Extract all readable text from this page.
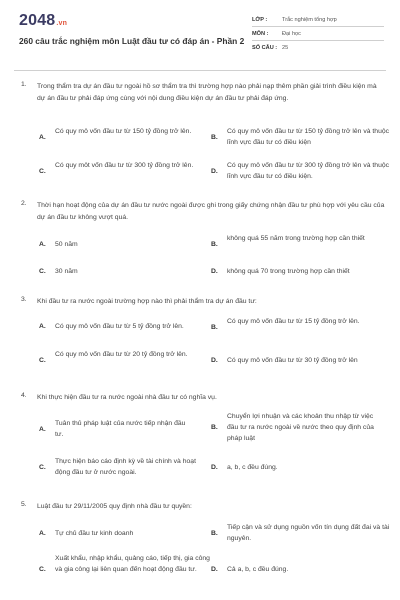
2048.vn
260 câu trắc nghiệm môn Luật đầu tư có đáp án - Phần 2
LỚP :	Trắc nghiệm tổng hợp
MÔN :	Đại học
SỐ CÂU : 25
1. Trong thẩm tra dự án đầu tư ngoài hồ sơ thẩm tra thì trường hợp nào phải nạp thêm phần giải trình điều kiện mà dự án đầu tư phải đáp ứng cùng với nội dung điều kiện dự án đầu tư phải đáp ứng.
A.
Có quy mô vốn đầu tư từ 150 tỷ đồng trở lên.
B.
Có quy mô vốn đầu tư từ 150 tỷ đồng trở lên và thuộc lĩnh vực đầu tư có điều kiện
C.
Có quy môt vốn đầu tư từ 300 tỷ đồng trở lên.
D.
Có quy mô vốn đầu tư từ 300 tỷ đồng trở lên và thuộc lĩnh vực đầu tư có điều kiện.
2. Thời hạn hoạt động của dự án đầu tư nước ngoài được ghi trong giấy chứng nhận đầu tư phù hợp với yêu cầu của dự án đầu tư không vượt quá.
A. 50 năm	B.
không quá 55 năm trong trường hợp cần thiết
C. 30 năm	D. không quá 70 trong trường hợp cần thiết
3. Khi đầu tư ra nước ngoài trường hợp nào thì phải thẩm tra dự án đầu tư:
A. Có quy mô vốn đầu tư từ 5 tỷ đồng trở lên.	B.
Có quy mô vốn đầu tư từ 15 tỷ đồng trở lên.
C.
Có quy mô vốn đầu tư từ 20 tỷ đồng trở lên.
D. Có quy mô vốn đầu tư từ 30 tỷ đồng trở lên
4. Khi thực hiện đầu tư ra nước ngoài nhà đầu tư có nghĩa vụ.
A.
Tuân thủ pháp luật của nước tiếp nhận đầu tư.
B.
Chuyển lợi nhuận và các khoản thu nhập từ việc đầu tư ra nước ngoài về nước theo quy định của pháp luật
C.
Thực hiện báo cáo định kỳ về tài chính và hoạt động đầu tư ở nước ngoài.
D. a, b, c đều đúng.
5. Luật đầu tư 29/11/2005 quy định nhà đầu tư quyền:
A. Tự chủ đầu tư kinh doanh	B.
Tiếp cận và sử dụng nguồn vốn tín dụng đất đai và tài nguyên.
C.
Xuất khẩu, nhập khẩu, quảng cáo, tiếp thị, gia công và gia công lại liên quan đến hoạt động đầu tư.	D. Cả a, b, c đều đúng.
